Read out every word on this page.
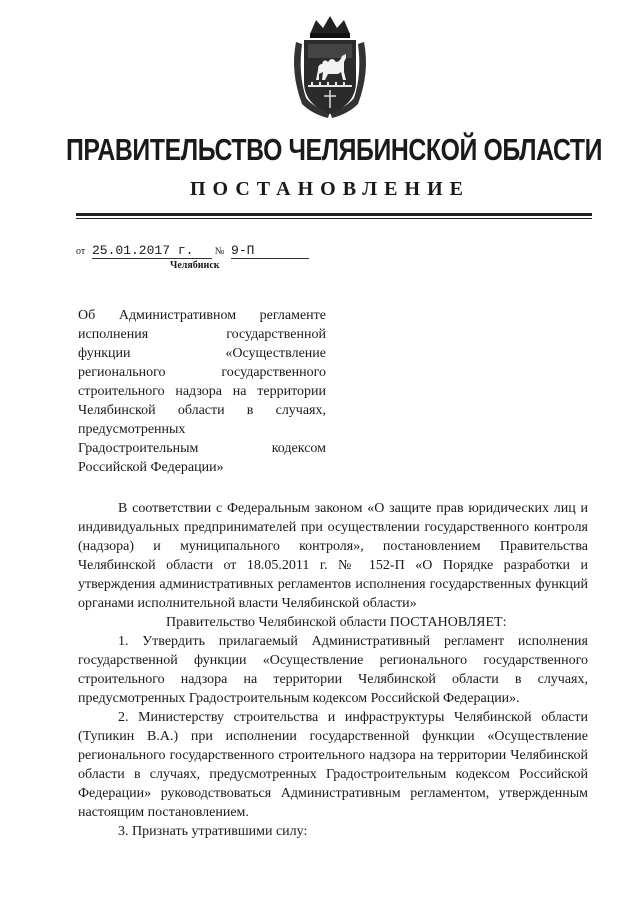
ПРАВИТЕЛЬСТВО ЧЕЛЯБИНСКОЙ ОБЛАСТИ
ПОСТАНОВЛЕНИЕ
от 25.01.2017 г. № 9-П
Челябинск
Об Административном регламенте
исполнения государственной
функции «Осуществление
регионального государственного
строительного надзора на территории
Челябинской области в случаях,
предусмотренных
Градостроительным кодексом
Российской Федерации»

В соответствии с Федеральным законом «О защите прав юридических лиц и индивидуальных предпринимателей при осуществлении государственного контроля (надзора) и муниципального контроля», постановлением Правительства Челябинской области от 18.05.2011 г. № 152-П «О Порядке разработки и утверждения административных регламентов исполнения государственных функций органами исполнительной власти Челябинской области»

Правительство Челябинской области ПОСТАНОВЛЯЕТ:

1. Утвердить прилагаемый Административный регламент исполнения государственной функции «Осуществление регионального государственного строительного надзора на территории Челябинской области в случаях, предусмотренных Градостроительным кодексом Российской Федерации».

2. Министерству строительства и инфраструктуры Челябинской области (Тупикин В.А.) при исполнении государственной функции «Осуществление регионального государственного строительного надзора на территории Челябинской области в случаях, предусмотренных Градостроительным кодексом Российской Федерации» руководствоваться Административным регламентом, утвержденным настоящим постановлением.

3. Признать утратившими силу:
